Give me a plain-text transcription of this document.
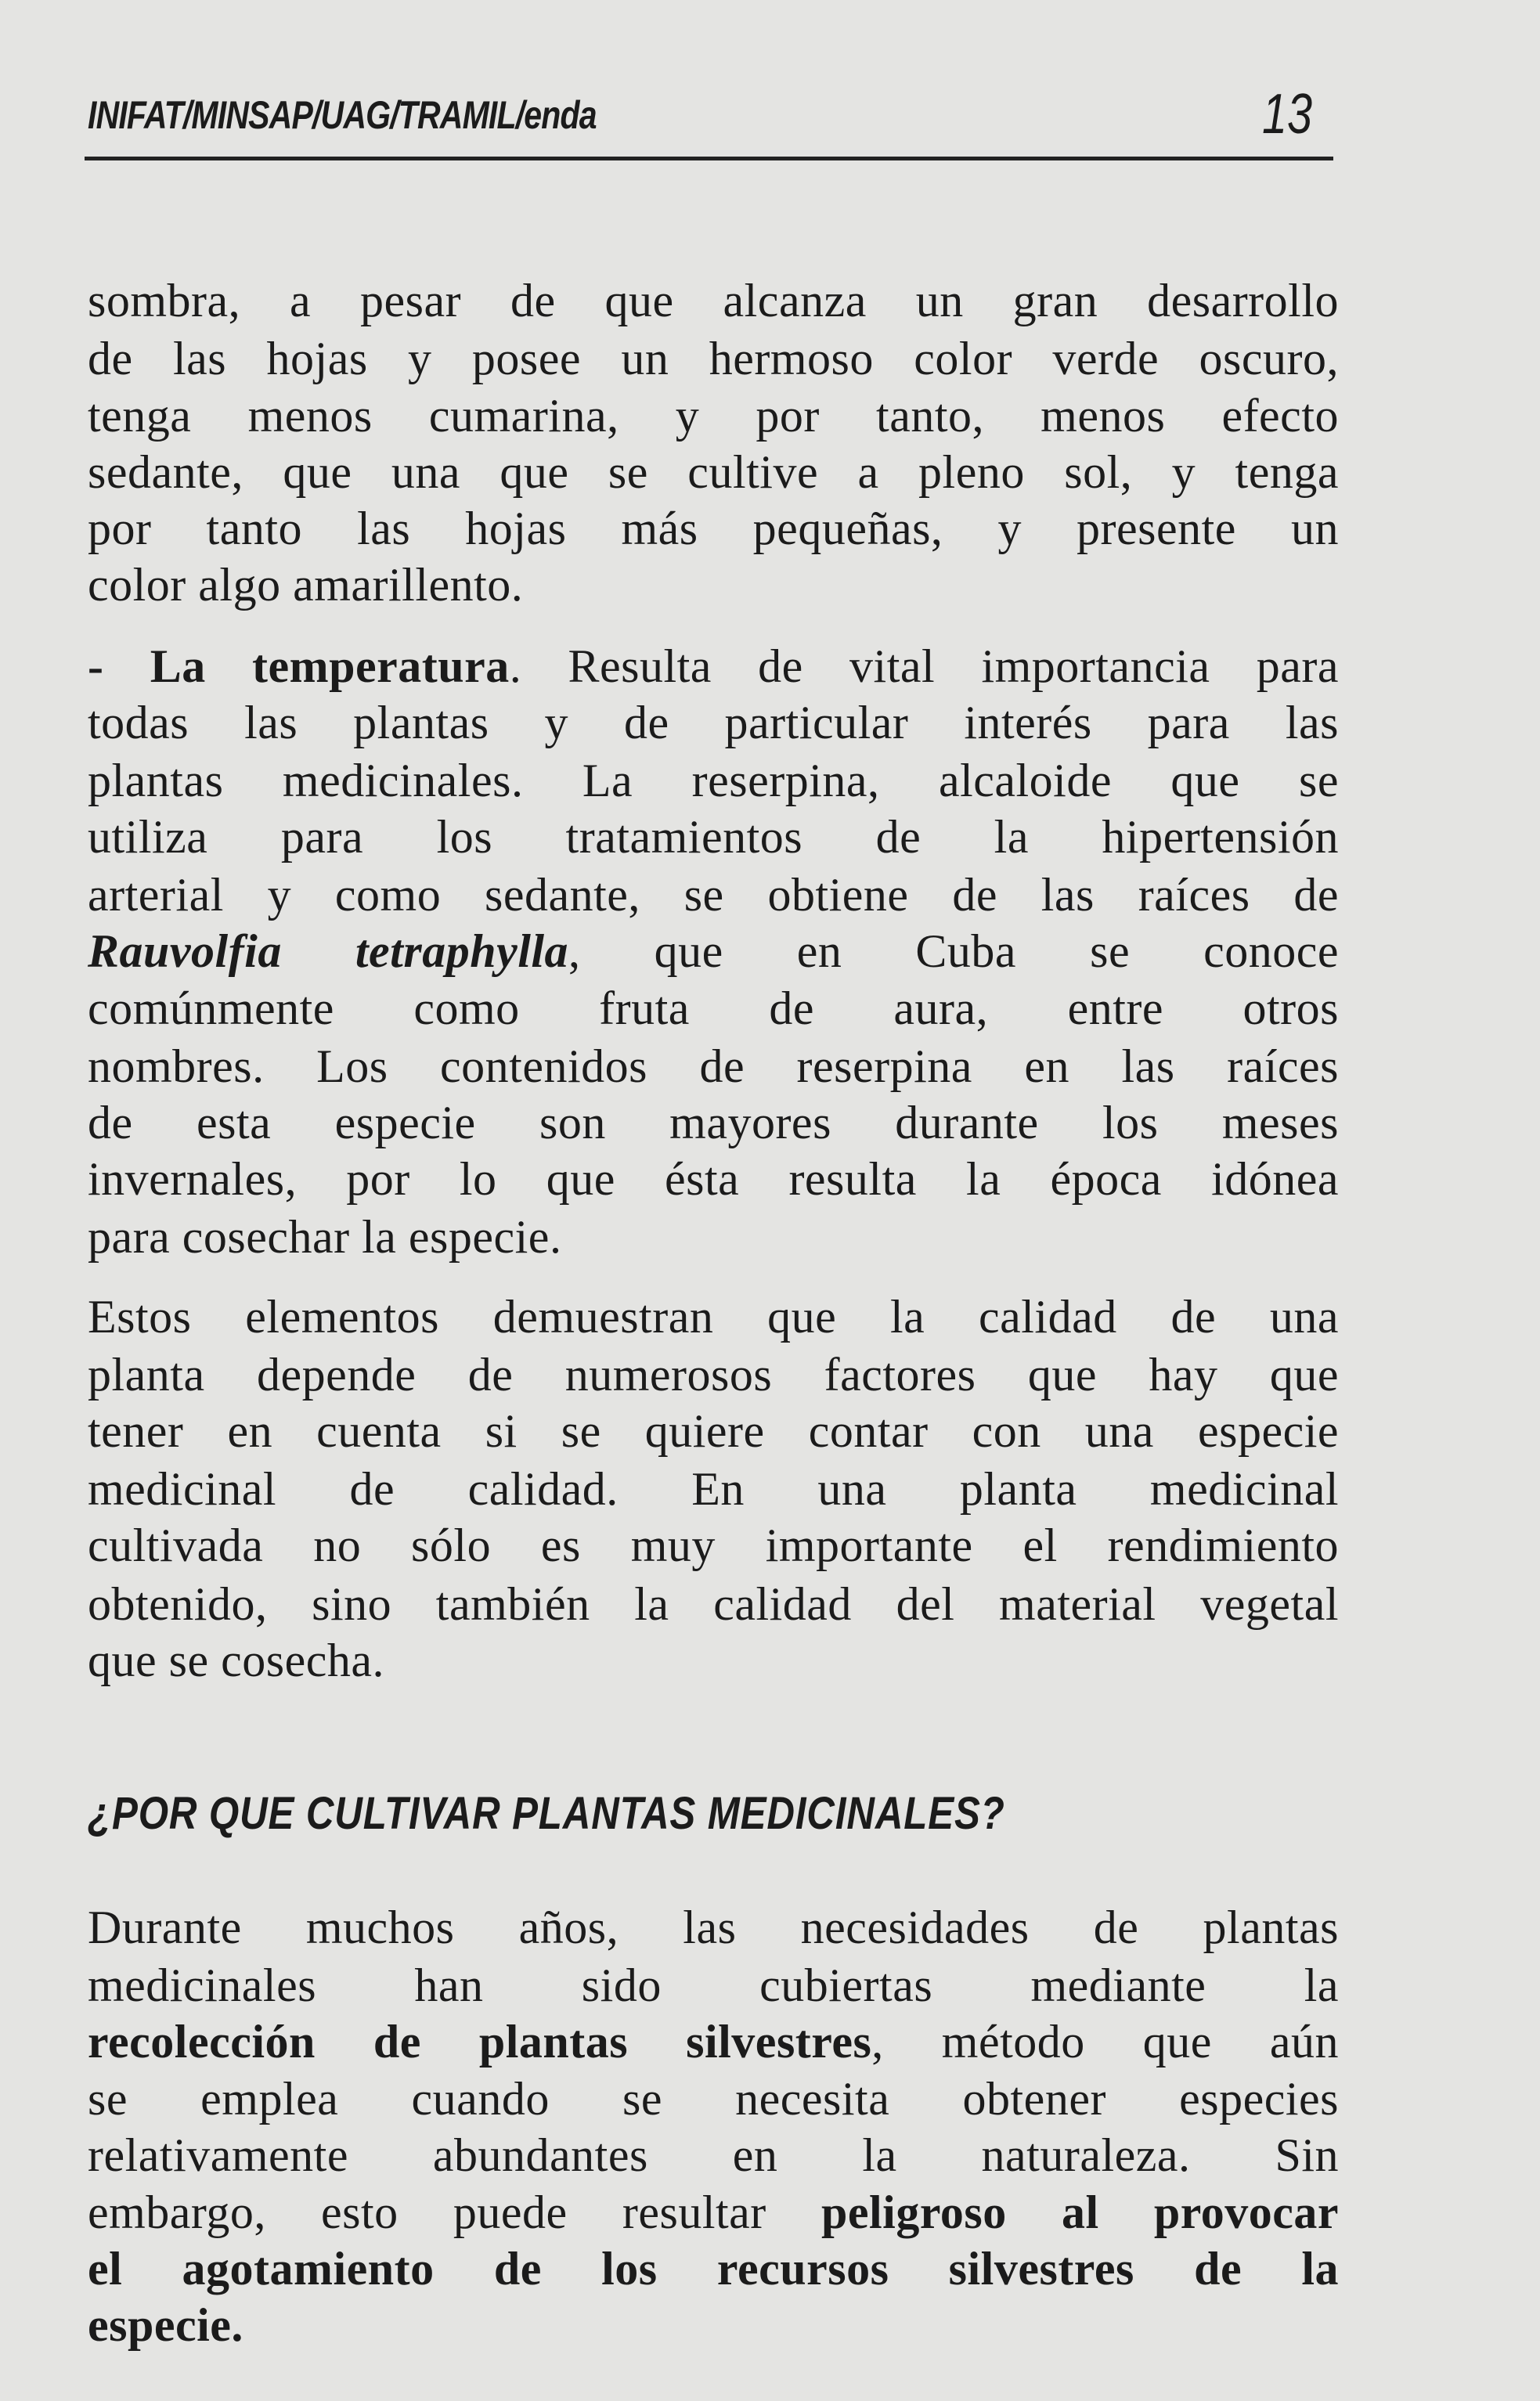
INIFAT/MINSAP/UAG/TRAMIL/enda	13
sombra, a pesar de que alcanza un gran desarrollo
de las hojas y posee un hermoso color verde oscuro,
tenga menos cumarina, y por tanto, menos efecto
sedante, que una que se cultive a pleno sol, y tenga
por tanto las hojas más pequeñas, y presente un
color algo amarillento.
- La temperatura. Resulta de vital importancia para
todas las plantas y de particular interés para las
plantas medicinales. La reserpina, alcaloide que se
utiliza para los tratamientos de la hipertensión
arterial y como sedante, se obtiene de las raíces de
Rauvolfia tetraphylla, que en Cuba se conoce
comúnmente como fruta de aura, entre otros
nombres. Los contenidos de reserpina en las raíces
de esta especie son mayores durante los meses
invernales, por lo que ésta resulta la época idónea
para cosechar la especie.
Estos elementos demuestran que la calidad de una
planta depende de numerosos factores que hay que
tener en cuenta si se quiere contar con una especie
medicinal de calidad. En una planta medicinal
cultivada no sólo es muy importante el rendimiento
obtenido, sino también la calidad del material vegetal
que se cosecha.
Durante muchos años, las necesidades de plantas
medicinales han sido cubiertas mediante la
recolección de plantas silvestres, método que aún
se emplea cuando se necesita obtener especies
relativamente abundantes en la naturaleza. Sin
embargo, esto puede resultar peligroso al provocar
el agotamiento de los recursos silvestres de la
especie.
¿POR QUE CULTIVAR PLANTAS MEDICINALES?
